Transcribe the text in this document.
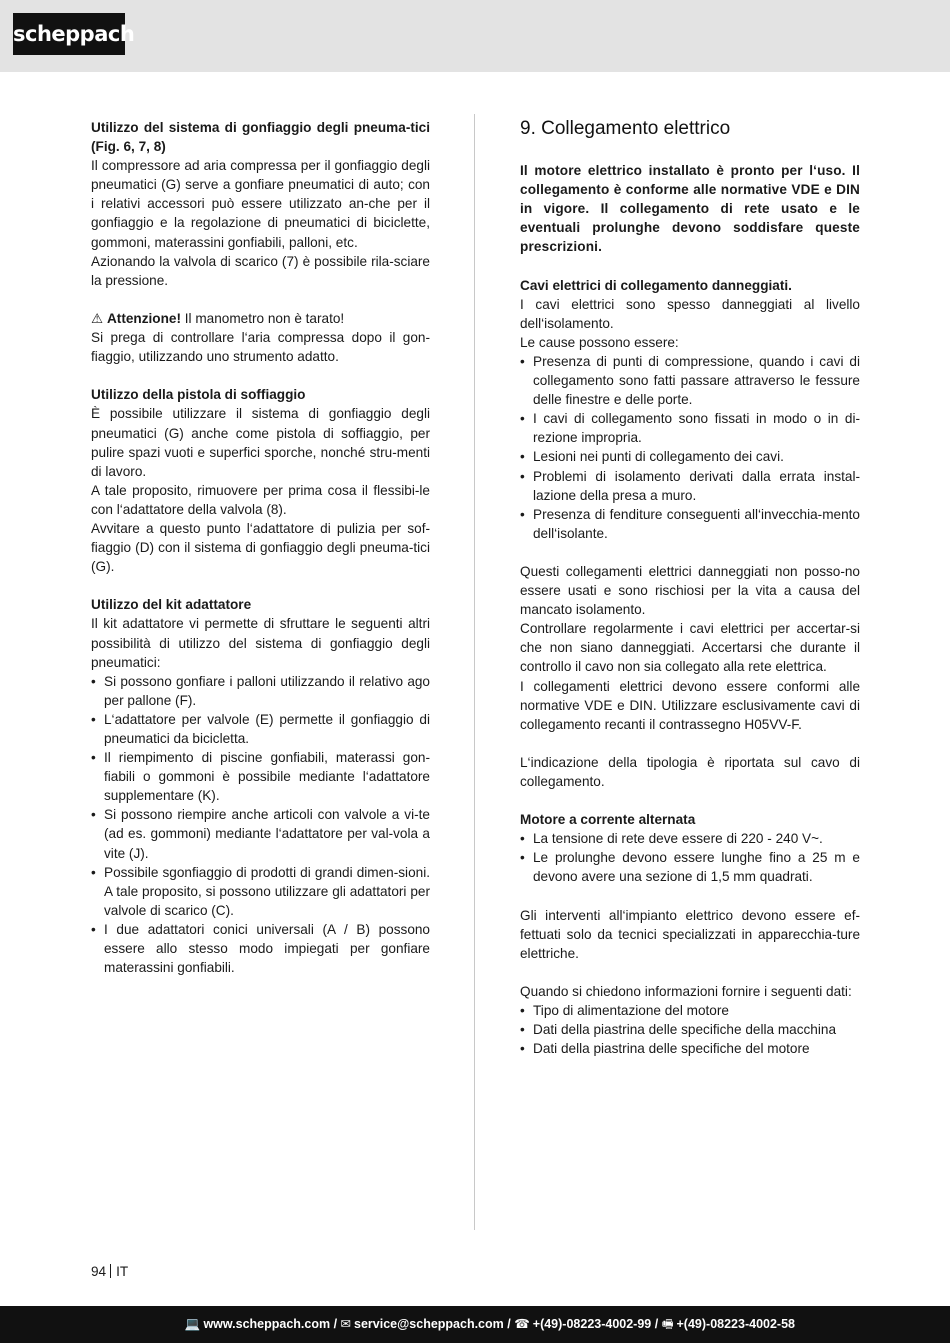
scheppach

Utilizzo del sistema di gonfiaggio degli pneuma-tici (Fig. 6, 7, 8)

Il compressore ad aria compressa per il gonfiaggio degli pneumatici (G) serve a gonfiare pneumatici di auto; con i relativi accessori può essere utilizzato an-che per il gonfiaggio e la regolazione di pneumatici di biciclette, gommoni, materassini gonfiabili, palloni, etc.

Azionando la valvola di scarico (7) è possibile rila-sciare la pressione.

⚠ Attenzione! Il manometro non è tarato!

Si prega di controllare l‘aria compressa dopo il gon-fiaggio, utilizzando uno strumento adatto.

Utilizzo della pistola di soffiaggio

È possibile utilizzare il sistema di gonfiaggio degli pneumatici (G) anche come pistola di soffiaggio, per pulire spazi vuoti e superfici sporche, nonché stru-menti di lavoro.

A tale proposito, rimuovere per prima cosa il flessibi-le con l‘adattatore della valvola (8).

Avvitare a questo punto l‘adattatore di pulizia per sof-fiaggio (D) con il sistema di gonfiaggio degli pneuma-tici (G).

Utilizzo del kit adattatore

Il kit adattatore vi permette di sfruttare le seguenti altri possibilità di utilizzo del sistema di gonfiaggio degli pneumatici:

• Si possono gonfiare i palloni utilizzando il relativo ago per pallone (F).
• L‘adattatore per valvole (E) permette il gonfiaggio di pneumatici da bicicletta.
• Il riempimento di piscine gonfiabili, materassi gon-fiabili o gommoni è possibile mediante l‘adattatore supplementare (K).
• Si possono riempire anche articoli con valvole a vi-te (ad es. gommoni) mediante l‘adattatore per val-vola a vite (J).
• Possibile sgonfiaggio di prodotti di grandi dimen-sioni. A tale proposito, si possono utilizzare gli adattatori per valvole di scarico (C).
• I due adattatori conici universali (A / B) possono essere allo stesso modo impiegati per gonfiare materassini gonfiabili.
9. Collegamento elettrico

Il motore elettrico installato è pronto per l‘uso. Il collegamento è conforme alle normative VDE e DIN in vigore. Il collegamento di rete usato e le eventuali prolunghe devono soddisfare queste prescrizioni.

Cavi elettrici di collegamento danneggiati.

I cavi elettrici sono spesso danneggiati al livello dell‘isolamento.

Le cause possono essere:

• Presenza di punti di compressione, quando i cavi di collegamento sono fatti passare attraverso le fessure delle finestre e delle porte.
• I cavi di collegamento sono fissati in modo o in di-rezione impropria.
• Lesioni nei punti di collegamento dei cavi.
• Problemi di isolamento derivati dalla errata instal-lazione della presa a muro.
• Presenza di fenditure conseguenti all‘invecchia-mento dell‘isolante.

Questi collegamenti elettrici danneggiati non posso-no essere usati e sono rischiosi per la vita a causa del mancato isolamento.

Controllare regolarmente i cavi elettrici per accertar-si che non siano danneggiati. Accertarsi che durante il controllo il cavo non sia collegato alla rete elettrica.

I collegamenti elettrici devono essere conformi alle normative VDE e DIN. Utilizzare esclusivamente cavi di collegamento recanti il contrassegno H05VV-F.

L‘indicazione della tipologia è riportata sul cavo di collegamento.

Motore a corrente alternata

• La tensione di rete deve essere di 220 - 240 V~.
• Le prolunghe devono essere lunghe fino a 25 m e devono avere una sezione di 1,5 mm quadrati.

Gli interventi all‘impianto elettrico devono essere ef-fettuati solo da tecnici specializzati in apparecchia-ture elettriche.

Quando si chiedono informazioni fornire i seguenti dati:

• Tipo di alimentazione del motore
• Dati della piastrina delle specifiche della macchina
• Dati della piastrina delle specifiche del motore
94 IT
💻 www.scheppach.com / ✉ service@scheppach.com / ☎ +(49)-08223-4002-99 / 🖷 +(49)-08223-4002-58
